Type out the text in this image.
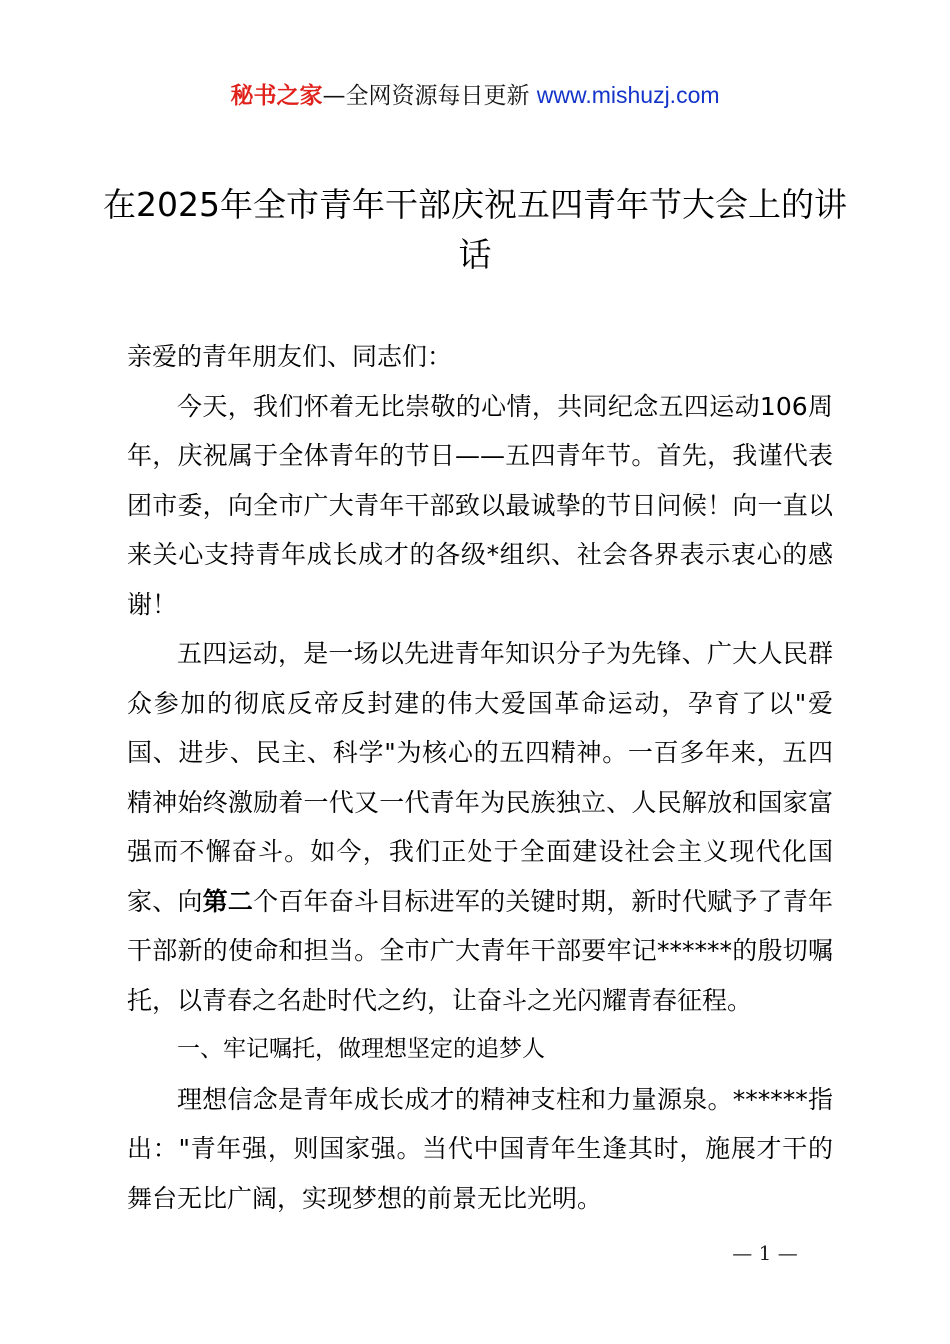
秘书之家—全网资源每日更新 www.mishuzj.com
在2025年全市青年干部庆祝五四青年节大会上的讲话

亲爱的青年朋友们、同志们：

今天，我们怀着无比崇敬的心情，共同纪念五四运动106周年，庆祝属于全体青年的节日——五四青年节。首先，我谨代表团市委，向全市广大青年干部致以最诚挚的节日问候！向一直以来关心支持青年成长成才的各级*组织、社会各界表示衷心的感谢！

五四运动，是一场以先进青年知识分子为先锋、广大人民群众参加的彻底反帝反封建的伟大爱国革命运动，孕育了以"爱国、进步、民主、科学"为核心的五四精神。一百多年来，五四精神始终激励着一代又一代青年为民族独立、人民解放和国家富强而不懈奋斗。如今，我们正处于全面建设社会主义现代化国家、向第二个百年奋斗目标进军的关键时期，新时代赋予了青年干部新的使命和担当。全市广大青年干部要牢记******的殷切嘱托，以青春之名赴时代之约，让奋斗之光闪耀青春征程。

一、牢记嘱托，做理想坚定的追梦人

理想信念是青年成长成才的精神支柱和力量源泉。******指出："青年强，则国家强。当代中国青年生逢其时，施展才干的舞台无比广阔，实现梦想的前景无比光明。

— 1 —
